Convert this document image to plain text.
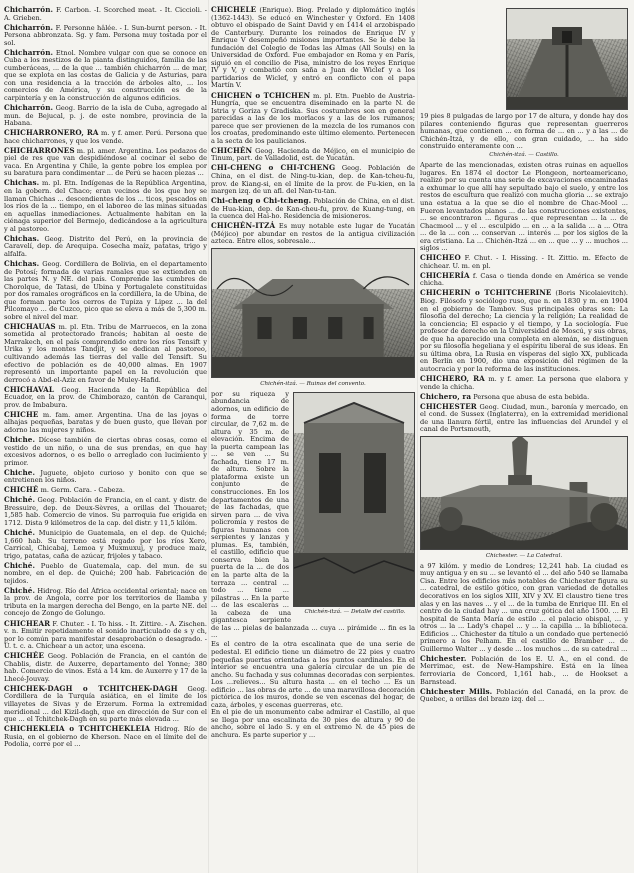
Chicharrón. F. Carbon. -I. Scorched meat. - It. Ciccioli. - A. Grieben.
Chicharrón. F. Personne hâlée. - I. Sun-burnt person. - It. Persona abbronzata. Sg. y fam. Persona muy tostada por el sol.
Chicharrón. Etnol. Nombre vulgar con que se conoce en Cuba a los mestizos de la pianta distinguidos, familia de las cumberáceas, ... de la que ... también chicharrón ... de mar, que se explota en las costas de Galicia y de Asturias, para con una residencia a la tracción de árboles alto, ... los comercios de América, y su construcción es de la carpintería y en la construcción de algunos edificios.
Chicharrón. Geog. Barrio de la isla de Cuba, agregado al mun. de Bejucal, p. j. de este nombre, provincia de la Habana.
CHICHARRONERO, RA m. y f. amer. Perú. Persona que hace chicharrones, y que los vende.
CHICHARRONES m. pl. amer. Argentina. Los pedazos de piel de res que van despidiéndose al cocinar el sebo de vaca. En Argentina y Chile, la gente pobre los emplea por su baratura para condimentar ... de Perú se hacen piezas ...
Chichas. m. pl. Etn. Indígenas de la República Argentina, en la gobern. del Chaco; eran vecinos de los que hoy se llaman Chichas ... descendientes de los ... ticos, pescados en los ríos de la ... tiempo, en el laboreo de las minas situadas en aquellas inmediaciones. Actualmente habitan en la ciénaga superior del Bermejo, dedicándose a la agricultura y al pastoreo.
Chichas. Geog. Distrito del Perú, en la provincia de Caravelí, dep. de Arequipa. Cosecha maíz, patatas, trigo y alfalfa.
Chichas. Geog. Cordillera de Bolivia, en el departamento de Potosí; formada de varias ramales que se extienden en las partes N. y NE. del país. Comprende las cumbres de Chorolque, de Tatasi, de Ubina y Portugalete constituidas por dos ramales orográficos en la cordillera, la de Ubina, de que forman parte los cerros de Tupiza y Lipez ... la del Pilcomayo ... de Cuzco, pico que se eleva a más de 5,300 m. sobre el nivel del mar.
CHICHAUAS m. pl. Etn. Tribu de Marruecos, en la zona sometida al protectorado francés; habitan al oeste de Marrakech, en el país comprendido entre los ríos Tensift y Urika y los montes Tandjit, y se dedican al pastoreo, cultivando además las tierras del valle del Tensift. Su efectivo de población es de 40,000 almas. En 1907 representó un importante papel en la revolución que derrocó a Abd-el-Aziz en favor de Muley-Hafid.
CHICHAVAL Geog. Hacienda de la República del Ecuador, en la prov. de Chimborazo, cantón de Caranqui, prov. de Imbabura.
CHICHE m. fam. amer. Argentina. Una de las joyas o alhajas pequeñas, baratas y de buen gusto, que llevan por adorno las mujeres y niños.
Chiche. Dícese también de ciertas obras cosas, como el vestido de un niño, o una de sus prendas, en que hay excesivos adornos, o es bello o arreglado con lucimiento y primor.
Chiche. Juguete, objeto curioso y bonito con que se entretienen los niños.
CHICHÉ m. Germ. Cara. - Cabeza.
Chiché. Geog. Población de Francia, en el cant. y distr. de Bressuire, dep. de Deux-Sèvres, a orillas del Thouaret; 1,585 hab. Comercio de vinos. Su parroquia fue erigida en 1712. Dista 9 kilómetros de la cap. del distr. y 11,5 kilóm.
Chiché. Municipio de Guatemala, en el dep. de Quiché; 1,660 hab. Su terreno está regado por los ríos Xero, Carrical, Chicabaj, Lemoa y Muxmuxuj, y produce maíz, trigo, patatas, caña de azúcar, frijoles y tabaco.
Chiché. Pueblo de Guatemala, cap. del mun. de su nombre, en el dep. de Quiché; 200 hab. Fabricación de tejidos.
Chiché. Hidrog. Río del África occidental oriental; nace en la prov. de Angola, corre por los territorios de Ilamba y tributa en la margen derecha del Bengo, en la parte NE. del concejo de Zongo de Golungo.
CHICHEAR F. Chuter. - I. To hiss. - It. Zittire. - A. Zischen. v. n. Emitir repetidamente el sonido inarticulado de s y ch, por lo común para manifestar desaprobación o desagrado. - Ú. t. c. a. Chichear a un actor, una escena.
CHICHÉE Geog. Población de Francia, en el cantón de Chablis, distr. de Auxerre, departamento del Yonne; 380 hab. Comercio de vinos. Está a 14 km. de Auxerre y 17 de la Lhecé-Jouvay.
CHICHEK-DAGH o TCHITCHEK-DAGH Geog. Cordillera de la Turquía asiática, en el límite de los villayetes de Sivas y de Erzerum. Forma la extremidad meridional ... del Kizil-dagh, que en dirección de Sur con el que ... el Tchitchek-Dagh en su parte más elevada ...
CHICHEKLEIA o TCHITCHEKLEIA Hidrog. Río de Rusia, en el gobierno de Kherson. Nace en el límite del de Podolia, corre por el ...
CHICHELE (Enrique). Biog. Prelado y diplomático inglés (1362-1443). Se educó en Winchester y Oxford. En 1408 obtuvo el obispado de Saint David y en 1414 el arzobispado de Canterbury. Durante los reinados de Enrique IV y Enrique V desempeñó misiones importantes. Se le debe la fundación del Colegio de Todas las Almas (All Souls) en la Universidad de Oxford. Fue embajador en Roma y en París, siguió en el concilio de Pisa, ministro de los reyes Enrique IV y V, y combatió con saña a Juan de Wiclef y a los partidarios de Wiclef, y entró en conflicto con el papa Martín V.
CHICHEN o TCHICHEN m. pl. Etn. Pueblo de Austria-Hungría, que se encuentra diseminado en la parte N. de Istria y Goriza y Gradiska. Sus costumbres son en general parecidas a las de los morlacos y a las de los rumanos; parece que ser provienen de la mezcla de los rumanos con los croatas, predominando este último elemento. Pertenecen a la secta de los paulicianos.
CHICHÉN Geog. Hacienda de Méjico, en el municipio de Tinum, part. de Valladolid, est. de Yucatán.
CHI-CHENG o CHI-TCHENG Geog. Población de China, en el dist. de Ning-tu-kian, dep. de Kan-tcheu-fu, prov. de Kiang-si, en el límite de la prov. de Fu-kien, en la margen izq. de un afl. del Nan-tu-tan.
Chi-cheng o Chi-tcheng. Población de China, en el dist. de Hua-kian, dep. de Kan-cheu-fu, prov. de Kuang-tung, en la cuenca del Hai-ho. Residencia de misioneros.
CHICHÉN-ITZÁ Es muy notable este lugar de Yucatán (Méjico) por abundar en restos de la antigua civilización azteca. Entre ellos, sobresale...
Chichén-itzá. — Ruinas del convento.
Chichén-itzá. — Detalle del castillo.
por su riqueza y abundancia de adornos, un edificio de forma de torre circular, de 7,62 m. de altura y 35 m. de elevación. Encima de la puerta campean las ... se ven ... Su fachada, tiene 17 m. de altura. Sobre la plataforma existe un conjunto de construcciones. En los departamentos de una de las fachadas, que sirven para ... de viva policromía y restos de figuras humanas con serpientes y lanzas y plumas. Es, también, el castillo, edificio que conserva bien la puerta de la ... de dos en la parte alta de la terraza ... central ... todo ... tiene ... pilastras ... En la parte ... de las escaleras ... la cabeza de una gigantesca serpiente de las ... pielas de balanzada ... cuya ... pirámide ... fin es la ...
Es el centro de la otra escalinata que de una serie de pedestal. El edificio tiene un diámetro de 22 pies y cuatro pequeñas puertas orientadas a los puntos cardinales. En el interior se encuentra una galería circular de un pie de ancho. Su fachada y sus columnas decoradas con serpientes. Los ...relieves... Su altura hasta ... en el techo ... Es un edificio ... las obras de arte ... de una maravillosa decoración pictórica de los muros, donde se ven escenas del hogar, de caza, árboles, y escenas guerreras, etc.
En el pie de un monumento cabe admirar el Castillo, al que se llega por una escalinata de 30 pies de altura y 90 de ancho, sobre el lado S. y en el extremo N. de 45 pies de anchura. Es parte superior y ...
19 pies 8 pulgadas de largo por 17 de altura, y donde hay dos pilares conteniendo figuras que representan guerreros humanas, que contienen ... en forma de ... en ... y a las ... de Chichén-Itzá, y de ello, con gran cuidado, ... ha sido construido enteramente con ...
Chichén-itzá. — Castillo.
Aparte de las mencionadas, existen otras ruinas en aquellos lugares. En 1874 el doctor Le Plongeon, norteamericano, realizó por su cuenta una serie de excavaciones encaminadas a exhumar lo que allí hay sepultado bajo el suelo, y entre los restos de escultura que realizó con mucha gloria ... se extrajo una estatua a la que se dio el nombre de Chac-Mool ... Fueron levantados planos ... de las construcciones existentes, ... se encontraron ... figuras ... que representan ... la ... de Chacmool ... y el ... esculpido ... en ... a la salida ... a ... Otra ... de la ... con ... conservan ... interés ... por los siglos de la era cristiana. La ... Chichén-Itzá ... en ... que ... y ... muchos ... siglos ...
CHICHEO F. Chut. - I. Hissing. - It. Zittio. m. Efecto de chichear. U. m. en pl.
CHICHERÍA f. Casa o tienda donde en América se vende chicha.
CHICHERIN o TCHITCHERINE (Boris Nicolaievitch). Biog. Filósofo y sociólogo ruso, que n. en 1830 y m. en 1904 en el gobierno de Tambov. Sus principales obras son: La filosofía del derecho; La ciencia y la religión; La realidad de la conciencia; El espacio y el tiempo, y La sociología. Fue profesor de derecho en la Universidad de Moscú, y sus obras, de que ha aparecido una completa en alemán, se distinguen por su filosofía hegeliana y el espíritu liberal de sus ideas. En su última obra, La Rusia en vísperas del siglo XX, publicada en Berlín en 1900, dio una exposición del régimen de la autocracia y por la reforma de las instituciones.
CHICHERO, RA m. y f. amer. La persona que elabora y vende la chicha.
Chichero, ra Persona que abusa de esta bebida.
CHICHESTER Geog. Ciudad, mun., baronía y mercado, en el cond. de Sussex (Inglaterra), en la extremidad meridional de una llanura fértil, entre las influencias del Arundel y el canal de Portsmouth,
Chichester. — La Catedral.
a 97 kilóm. y medio de Londres; 12,241 hab. La ciudad es muy antigua y en su ... se levantó el ... del año 540 se llamaba Cisa. Entre los edificios más notables de Chichester figura su ... catedral, de estilo gótico, con gran variedad de detalles decorativos en los siglos XIII, XIV y XV. El claustro tiene tres alas y en las naves ... y el ... de la tumba de Enrique III. En el centro de la ciudad hay ... una cruz gótica del año 1500. ... El hospital de Santa María de estilo ... el palacio obispal, ... y otros ... la ... Lady's chapel ... y ... la capilla ... la biblioteca. Edificios ... Chichester da título a un condado que perteneció primero a los Pelham. En el castillo de Bramber ... de Guillermo Walter ... y desde ... los muchos ... de su catedral ...
Chichester. Población de los E. U. A., en el cond. de Merrimac, est. de New-Hampshire. Está en la línea ferroviaria de Concord, 1,161 hab., ... de Hookset a Barnstead.
Chichester Mills. Población del Canadá, en la prov. de Quebec, a orillas del brazo izq. del ...
